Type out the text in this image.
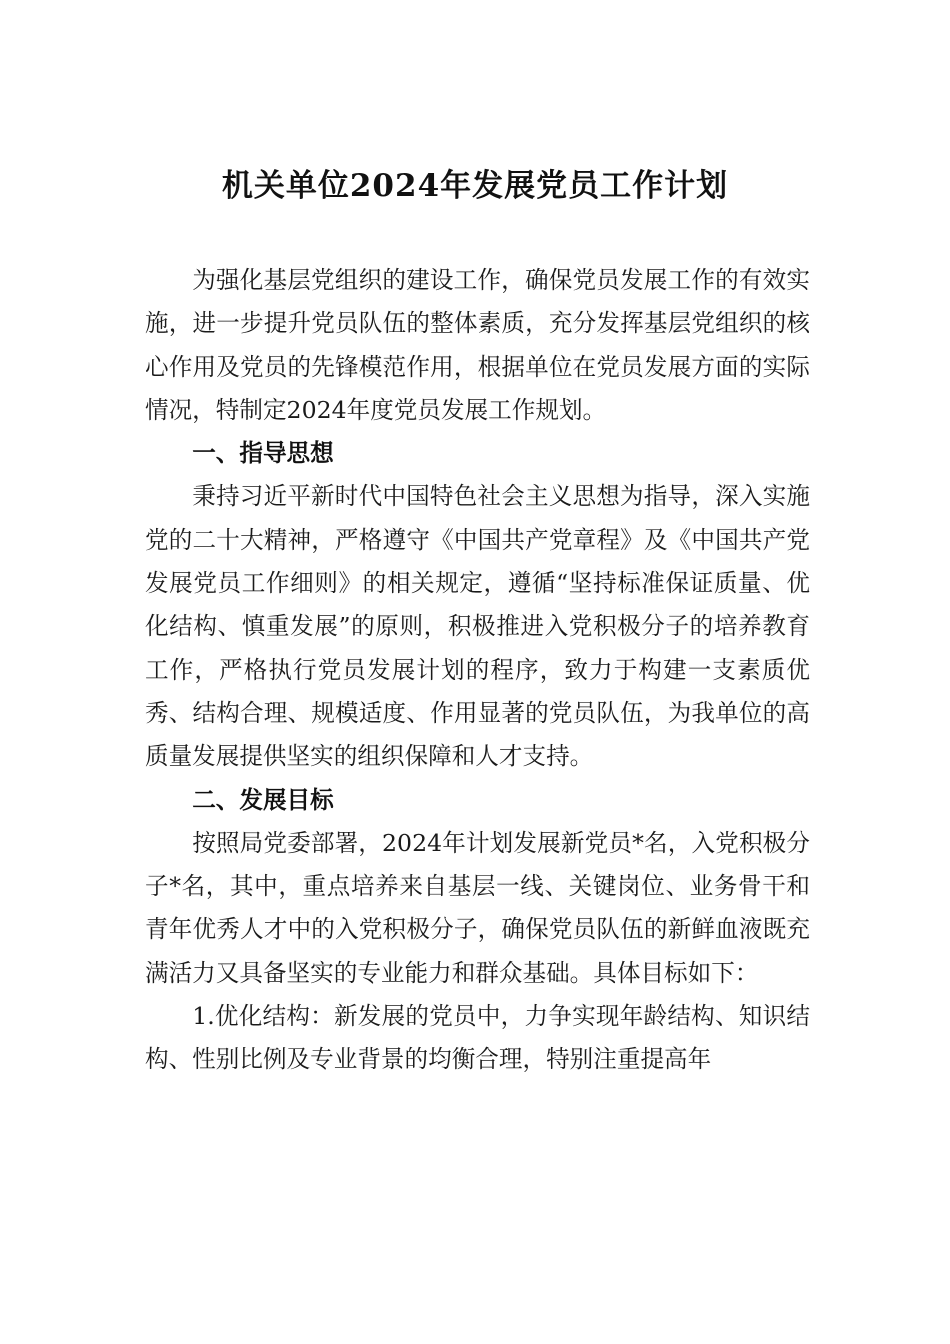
机关单位2024年发展党员工作计划

为强化基层党组织的建设工作，确保党员发展工作的有效实施，进一步提升党员队伍的整体素质，充分发挥基层党组织的核心作用及党员的先锋模范作用，根据单位在党员发展方面的实际情况，特制定2024年度党员发展工作规划。

一、指导思想

秉持习近平新时代中国特色社会主义思想为指导，深入实施党的二十大精神，严格遵守《中国共产党章程》及《中国共产党发展党员工作细则》的相关规定，遵循“坚持标准保证质量、优化结构、慎重发展”的原则，积极推进入党积极分子的培养教育工作，严格执行党员发展计划的程序，致力于构建一支素质优秀、结构合理、规模适度、作用显著的党员队伍，为我单位的高质量发展提供坚实的组织保障和人才支持。

二、发展目标

按照局党委部署，2024年计划发展新党员*名，入党积极分子*名，其中，重点培养来自基层一线、关键岗位、业务骨干和青年优秀人才中的入党积极分子，确保党员队伍的新鲜血液既充满活力又具备坚实的专业能力和群众基础。具体目标如下：

1.优化结构：新发展的党员中，力争实现年龄结构、知识结构、性别比例及专业背景的均衡合理，特别注重提高年
